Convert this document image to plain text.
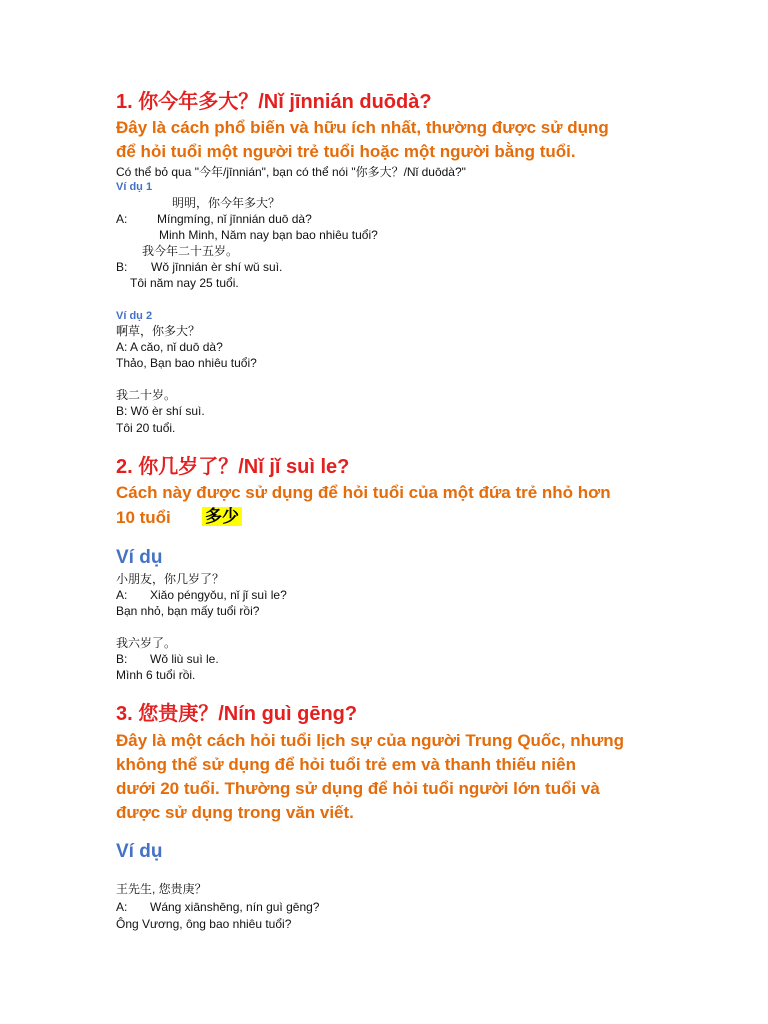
1. 你今年多大？/Nǐ jīnnián duōdà?
Đây là cách phổ biến và hữu ích nhất, thường được sử dụng
để hỏi tuổi một người trẻ tuổi hoặc một người bằng tuổi.
Có thể bỏ qua "今年/jīnnián", bạn có thể nói "你多大？/Nǐ duōdà?"
Ví dụ 1
明明，你今年多大？
A: Míngmíng, nǐ jīnnián duō dà?
Minh Minh, Năm nay bạn bao nhiêu tuổi?
我今年二十五岁。
B: Wǒ jīnnián èr shí wǔ suì.
Tôi năm nay 25 tuổi.
Ví dụ 2
啊草，你多大？
A: A cǎo, nǐ duō dà?
Thảo, Bạn bao nhiêu tuổi?
我二十岁。
B: Wǒ èr shí suì.
Tôi 20 tuổi.
2. 你几岁了？/Nǐ jǐ suì le?
Cách này được sử dụng để hỏi tuổi của một đứa trẻ nhỏ hơn
10 tuổi 多少
Ví dụ
小朋友，你几岁了？
A: Xiǎo péngyǒu, nǐ jǐ suì le?
Bạn nhỏ, bạn mấy tuổi rồi?
我六岁了。
B: Wǒ liù suì le.
Mình 6 tuổi rồi.
3. 您贵庚？/Nín guì gēng?
Đây là một cách hỏi tuổi lịch sự của người Trung Quốc, nhưng
không thể sử dụng để hỏi tuổi trẻ em và thanh thiếu niên
dưới 20 tuổi. Thường sử dụng để hỏi tuổi người lớn tuổi và
được sử dụng trong văn viết.
Ví dụ
王先生, 您贵庚？
A: Wáng xiānshēng, nín guì gēng?
Ông Vương, ông bao nhiêu tuổi?
